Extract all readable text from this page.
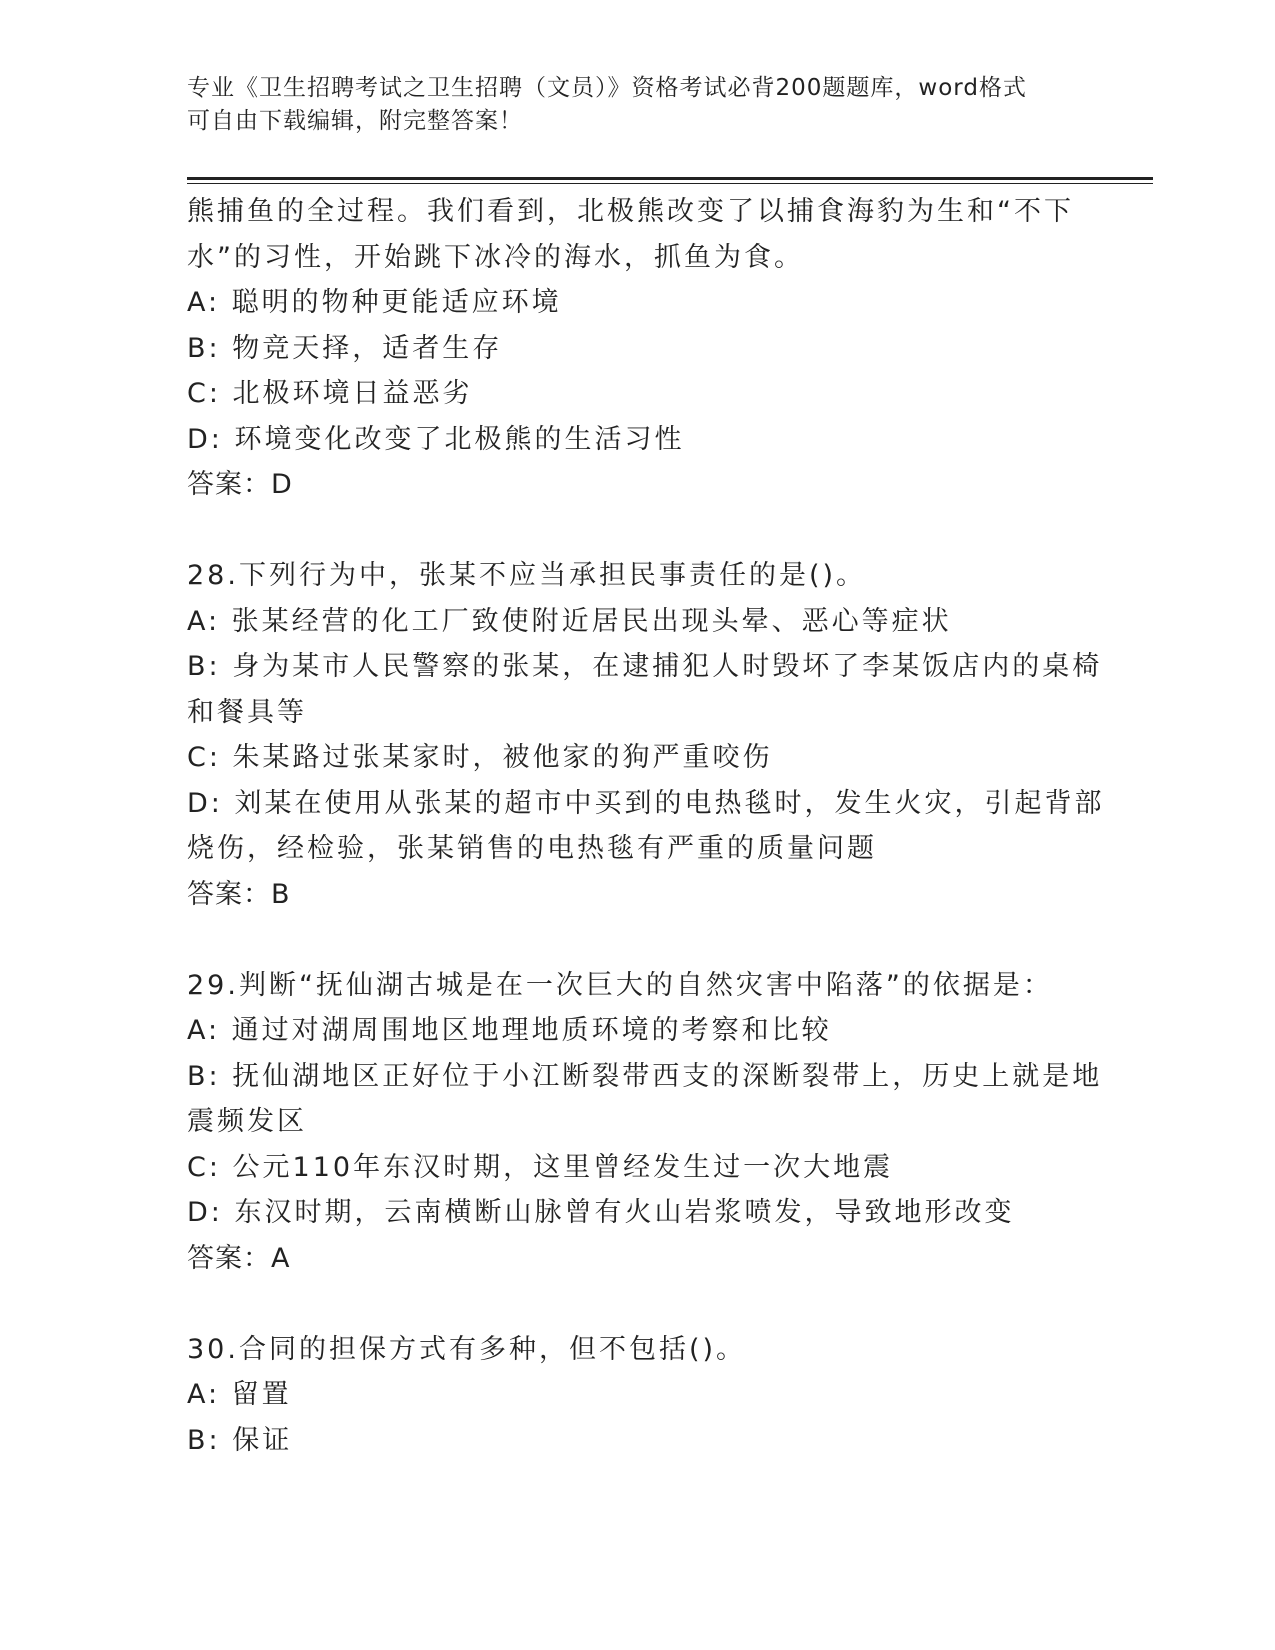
专业《卫生招聘考试之卫生招聘（文员）》资格考试必背200题题库，word格式
可自由下载编辑，附完整答案！
熊捕鱼的全过程。我们看到，北极熊改变了以捕食海豹为生和“不下
水”的习性，开始跳下冰冷的海水，抓鱼为食。
A: 聪明的物种更能适应环境
B: 物竞天择，适者生存
C: 北极环境日益恶劣
D: 环境变化改变了北极熊的生活习性
答案：D
28.下列行为中，张某不应当承担民事责任的是()。
A: 张某经营的化工厂致使附近居民出现头晕、恶心等症状
B: 身为某市人民警察的张某，在逮捕犯人时毁坏了李某饭店内的桌椅
和餐具等
C: 朱某路过张某家时，被他家的狗严重咬伤
D: 刘某在使用从张某的超市中买到的电热毯时，发生火灾，引起背部
烧伤，经检验，张某销售的电热毯有严重的质量问题
答案：B
29.判断“抚仙湖古城是在一次巨大的自然灾害中陷落”的依据是：
A: 通过对湖周围地区地理地质环境的考察和比较
B: 抚仙湖地区正好位于小江断裂带西支的深断裂带上，历史上就是地
震频发区
C: 公元110年东汉时期，这里曾经发生过一次大地震
D: 东汉时期，云南横断山脉曾有火山岩浆喷发，导致地形改变
答案：A
30.合同的担保方式有多种，但不包括()。
A: 留置
B: 保证
